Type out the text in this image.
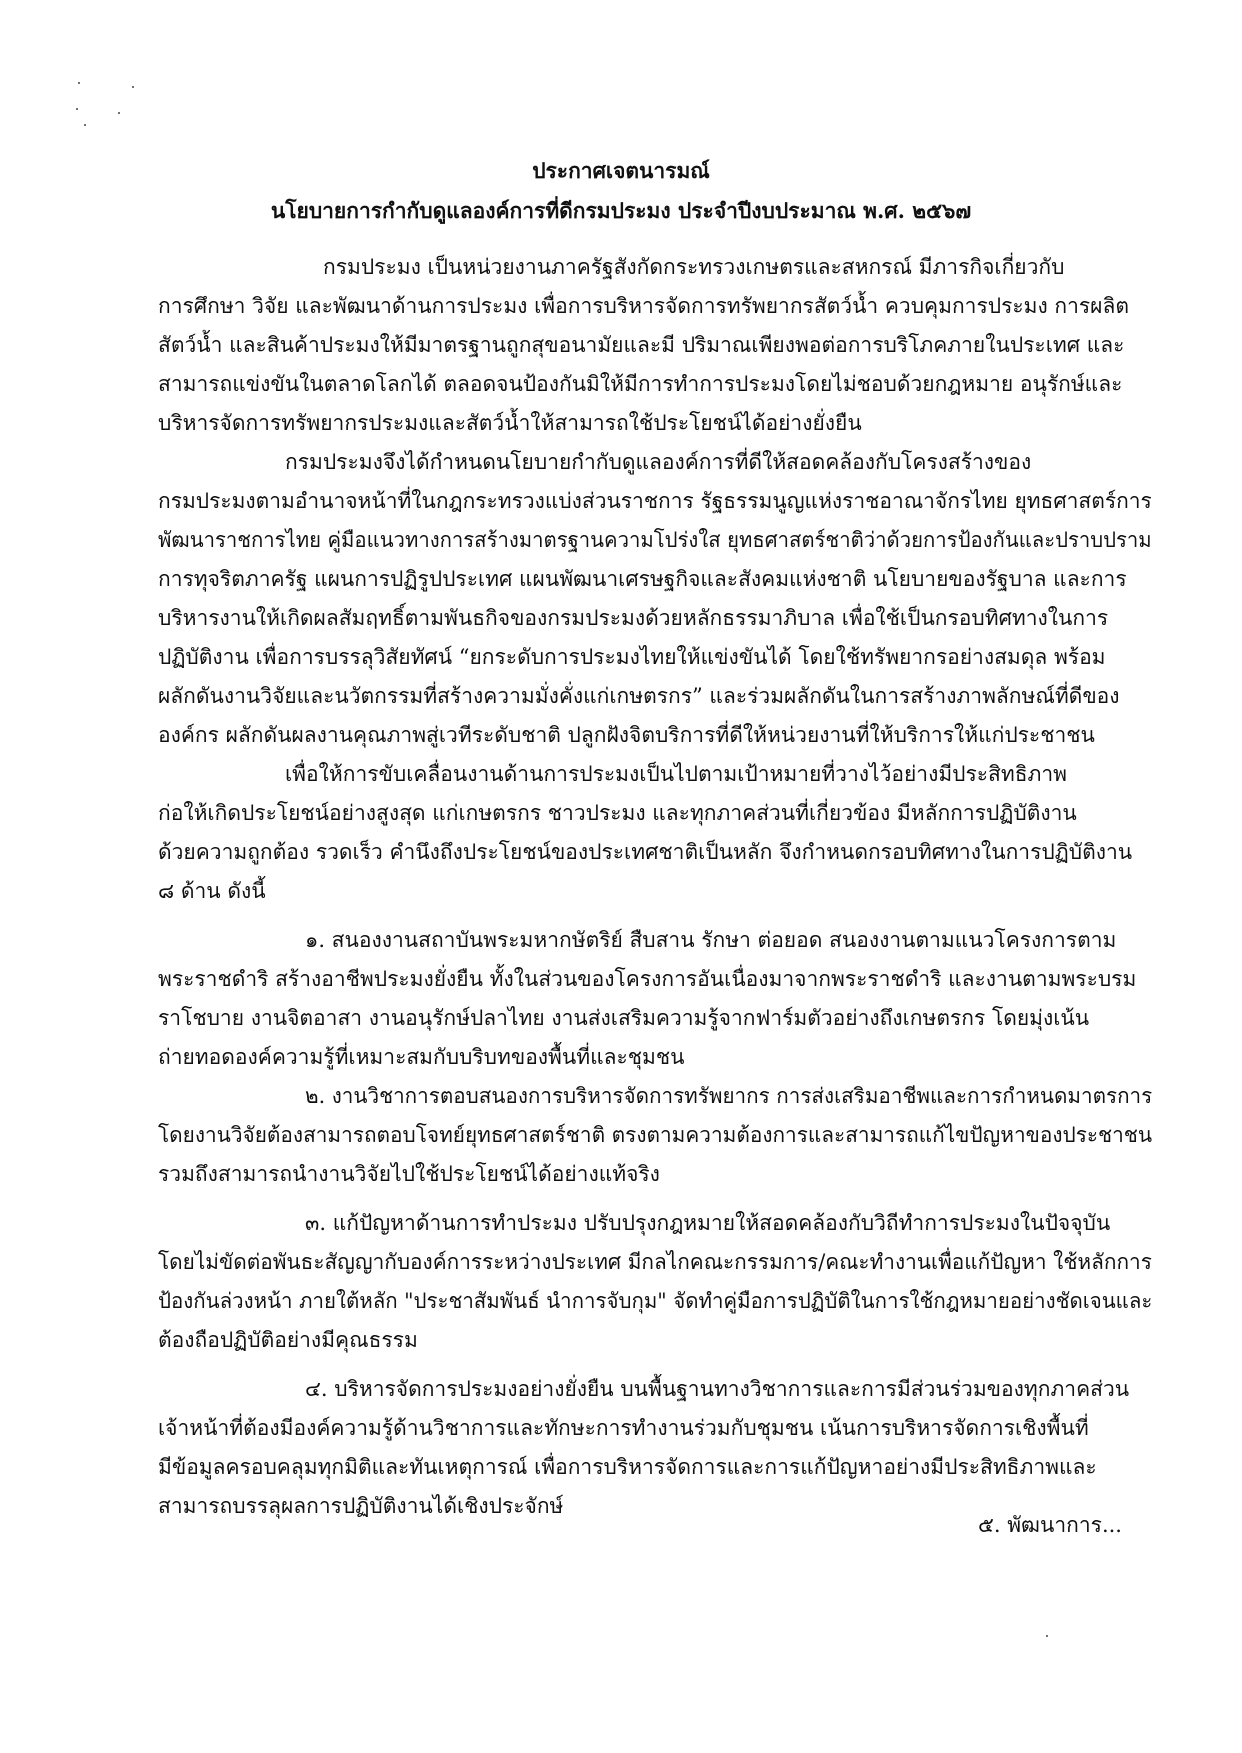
ประกาศเจตนารมณ์
นโยบายการกำกับดูแลองค์การที่ดีกรมประมง ประจำปีงบประมาณ พ.ศ. ๒๕๖๗
กรมประมง เป็นหน่วยงานภาครัฐสังกัดกระทรวงเกษตรและสหกรณ์ มีภารกิจเกี่ยวกับ
การศึกษา วิจัย และพัฒนาด้านการประมง เพื่อการบริหารจัดการทรัพยากรสัตว์น้ำ ควบคุมการประมง การผลิต
สัตว์น้ำ และสินค้าประมงให้มีมาตรฐานถูกสุขอนามัยและมี ปริมาณเพียงพอต่อการบริโภคภายในประเทศ และ
สามารถแข่งขันในตลาดโลกได้ ตลอดจนป้องกันมิให้มีการทำการประมงโดยไม่ชอบด้วยกฎหมาย อนุรักษ์และ
บริหารจัดการทรัพยากรประมงและสัตว์น้ำให้สามารถใช้ประโยชน์ได้อย่างยั่งยืน
กรมประมงจึงได้กำหนดนโยบายกำกับดูแลองค์การที่ดีให้สอดคล้องกับโครงสร้างของ
กรมประมงตามอำนาจหน้าที่ในกฎกระทรวงแบ่งส่วนราชการ รัฐธรรมนูญแห่งราชอาณาจักรไทย ยุทธศาสตร์การ
พัฒนาราชการไทย คู่มือแนวทางการสร้างมาตรฐานความโปร่งใส ยุทธศาสตร์ชาติว่าด้วยการป้องกันและปราบปราม
การทุจริตภาครัฐ แผนการปฏิรูปประเทศ แผนพัฒนาเศรษฐกิจและสังคมแห่งชาติ นโยบายของรัฐบาล และการ
บริหารงานให้เกิดผลสัมฤทธิ์ตามพันธกิจของกรมประมงด้วยหลักธรรมาภิบาล เพื่อใช้เป็นกรอบทิศทางในการ
ปฏิบัติงาน เพื่อการบรรลุวิสัยทัศน์ “ยกระดับการประมงไทยให้แข่งขันได้ โดยใช้ทรัพยากรอย่างสมดุล พร้อม
ผลักดันงานวิจัยและนวัตกรรมที่สร้างความมั่งคั่งแก่เกษตรกร” และร่วมผลักดันในการสร้างภาพลักษณ์ที่ดีของ
องค์กร ผลักดันผลงานคุณภาพสู่เวทีระดับชาติ ปลูกฝังจิตบริการที่ดีให้หน่วยงานที่ให้บริการให้แก่ประชาชน
เพื่อให้การขับเคลื่อนงานด้านการประมงเป็นไปตามเป้าหมายที่วางไว้อย่างมีประสิทธิภาพ
ก่อให้เกิดประโยชน์อย่างสูงสุด แก่เกษตรกร ชาวประมง และทุกภาคส่วนที่เกี่ยวข้อง มีหลักการปฏิบัติงาน
ด้วยความถูกต้อง รวดเร็ว คำนึงถึงประโยชน์ของประเทศชาติเป็นหลัก จึงกำหนดกรอบทิศทางในการปฏิบัติงาน
๘ ด้าน ดังนี้
๑. สนองงานสถาบันพระมหากษัตริย์ สืบสาน รักษา ต่อยอด สนองงานตามแนวโครงการตาม
พระราชดำริ สร้างอาชีพประมงยั่งยืน ทั้งในส่วนของโครงการอันเนื่องมาจากพระราชดำริ และงานตามพระบรม
ราโชบาย งานจิตอาสา งานอนุรักษ์ปลาไทย งานส่งเสริมความรู้จากฟาร์มตัวอย่างถึงเกษตรกร โดยมุ่งเน้น
ถ่ายทอดองค์ความรู้ที่เหมาะสมกับบริบทของพื้นที่และชุมชน
๒. งานวิชาการตอบสนองการบริหารจัดการทรัพยากร การส่งเสริมอาชีพและการกำหนดมาตรการ
โดยงานวิจัยต้องสามารถตอบโจทย์ยุทธศาสตร์ชาติ ตรงตามความต้องการและสามารถแก้ไขปัญหาของประชาชน
รวมถึงสามารถนำงานวิจัยไปใช้ประโยชน์ได้อย่างแท้จริง
๓. แก้ปัญหาด้านการทำประมง ปรับปรุงกฎหมายให้สอดคล้องกับวิถีทำการประมงในปัจจุบัน
โดยไม่ขัดต่อพันธะสัญญากับองค์การระหว่างประเทศ มีกลไกคณะกรรมการ/คณะทำงานเพื่อแก้ปัญหา ใช้หลักการ
ป้องกันล่วงหน้า ภายใต้หลัก "ประชาสัมพันธ์ นำการจับกุม" จัดทำคู่มือการปฏิบัติในการใช้กฎหมายอย่างชัดเจนและ
ต้องถือปฏิบัติอย่างมีคุณธรรม
๔. บริหารจัดการประมงอย่างยั่งยืน บนพื้นฐานทางวิชาการและการมีส่วนร่วมของทุกภาคส่วน
เจ้าหน้าที่ต้องมีองค์ความรู้ด้านวิชาการและทักษะการทำงานร่วมกับชุมชน เน้นการบริหารจัดการเชิงพื้นที่
มีข้อมูลครอบคลุมทุกมิติและทันเหตุการณ์ เพื่อการบริหารจัดการและการแก้ปัญหาอย่างมีประสิทธิภาพและ
สามารถบรรลุผลการปฏิบัติงานได้เชิงประจักษ์
๕. พัฒนาการ...
